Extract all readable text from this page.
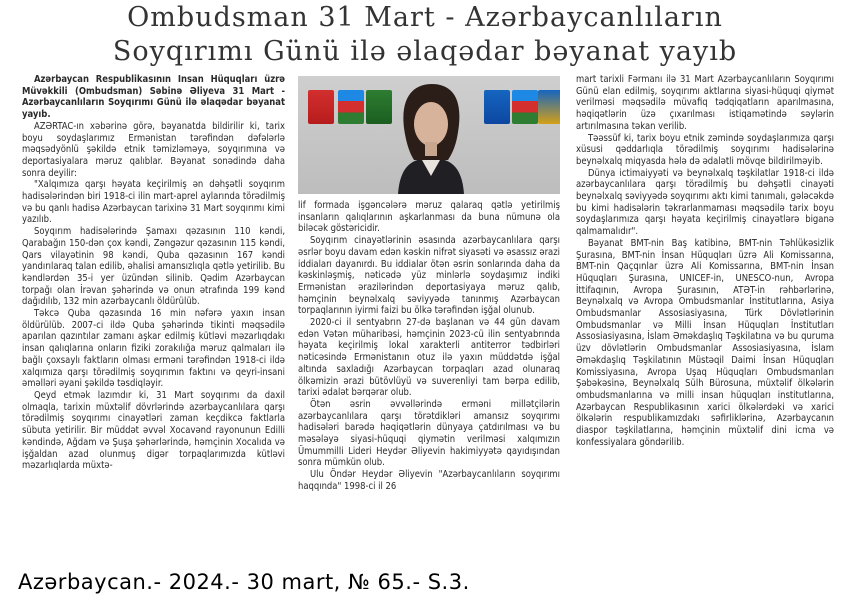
Ombudsman 31 Mart - Azərbaycanlıların
Soyqırımı Günü ilə əlaqədar bəyanat yayıb

Azərbaycan Respublikasının İnsan Hüquqları üzrə Müvəkkili (Ombudsman) Səbinə Əliyeva 31 Mart - Azərbaycanlıların Soyqırımı Günü ilə əlaqədar bəyanat yayıb.

AZƏRTAC-ın xəbərinə görə, bəyanatda bildirilir ki, tarix boyu soydaşlarımız Ermənistan tərəfindən dəfələrlə məqsədyönlü şəkildə etnik təmizləməyə, soyqırımına və deportasiyalara məruz qalıblar. Bəyanat sonədində daha sonra deyilir:

"Xalqımıza qarşı həyata keçirilmiş ən dəhşətli soyqırım hadisələrindən biri 1918-ci ilin mart-aprel aylarında törədilmiş və bu qanlı hadisə Azərbaycan tarixinə 31 Mart soyqırımı kimi yazılıb.

Soyqırım hadisələrində Şamaxı qəzasının 110 kəndi, Qarabağın 150-dən çox kəndi, Zəngəzur qəzasının 115 kəndi, Qars vilayətinin 98 kəndi, Quba qəzasının 167 kəndi yandırılaraq talan edilib, əhalisi amansızlıqla qətlə yetirilib. Bu kəndlərdən 35-i yer üzündən silinib. Qədim Azərbaycan torpağı olan İrəvan şəhərində və onun ətrafında 199 kənd dağıdılıb, 132 min azərbaycanlı öldürülüb.

Təkcə Quba qəzasında 16 min nəfərə yaxın insan öldürülüb. 2007-ci ildə Quba şəhərində tikinti məqsədilə aparılan qazıntılar zamanı aşkar edilmiş kütləvi məzarlıqdakı insan qalıqlarına onların fiziki zorakılığa məruz qalmaları ilə bağlı çoxsaylı faktların olması erməni tərəfindən 1918-ci ildə xalqımıza qarşı törədilmiş soyqırımın faktını və qeyri-insani əməlləri əyani şəkildə təsdiqləyir.

Qeyd etmək lazımdır ki, 31 Mart soyqırımı da daxil olmaqla, tarixin müxtəlif dövrlərində azərbaycanlılara qarşı törədilmiş soyqırımı cinayətləri zaman keçdikcə faktlarla sübuta yetirilir. Bir müddət əvvəl Xocavənd rayonunun Edilli kəndində, Ağdam və Şuşa şəhərlərində, həmçinin Xocalıda və işğaldan azad olunmuş digər torpaqlarımızda kütləvi məzarlıqlarda müxtə-

lif formada işgəncələrə məruz qalaraq qətlə yetirilmiş insanların qalıqlarının aşkarlanması da buna nümunə ola biləcək göstəricidir.

Soyqırım cinayətlərinin əsasında azərbaycanlılara qarşı əsrlər boyu davam edən kəskin nifrət siyasəti və əsassız ərazi iddiaları dayanırdı. Bu iddialar ötən əsrin sonlarında daha da kəskinləşmiş, nəticədə yüz minlərlə soydaşımız indiki Ermənistan ərazilərindən deportasiyaya məruz qalıb, həmçinin beynəlxalq səviyyədə tanınmış Azərbaycan torpaqlarının iyirmi faizi bu ölkə tərəfindən işğal olunub.

2020-ci il sentyabrın 27-də başlanan və 44 gün davam edən Vətən müharibəsi, həmçinin 2023-cü ilin sentyabrında həyata keçirilmiş lokal xarakterli antiterror tədbirləri nəticəsində Ermənistanın otuz ilə yaxın müddətdə işğal altında saxladığı Azərbaycan torpaqları azad olunaraq ölkəmizin ərazi bütövlüyü və suverenliyi tam bərpa edilib, tarixi ədalət bərqərar olub.

Ötən əsrin əvvəllərində erməni millətçilərin azərbaycanlılara qarşı törətdikləri amansız soyqırımı hadisələri barədə həqiqətlərin dünyaya çatdırılması və bu məsələyə siyasi-hüquqi qiymətin verilməsi xalqımızın Ümummilli Lideri Heydər Əliyevin hakimiyyətə qayıdışından sonra mümkün olub.

Ulu Öndər Heydər Əliyevin "Azərbaycanlıların soyqırımı haqqında" 1998-ci il 26

mart tarixli Fərmanı ilə 31 Mart Azərbaycanlıların Soyqırımı Günü elan edilmiş, soyqırımı aktlarına siyasi-hüquqi qiymət verilməsi məqsədilə müvafiq tədqiqatların aparılmasına, həqiqətlərin üzə çıxarılması istiqamətində səylərin artırılmasına təkan verilib.

Təəssüf ki, tarix boyu etnik zəmində soydaşlarımıza qarşı xüsusi qəddarlıqla törədilmiş soyqırımı hadisələrinə beynəlxalq miqyasda hələ də ədalətli mövqe bildirilməyib.

Dünya ictimaiyyəti və beynəlxalq təşkilatlar 1918-ci ildə azərbaycanlılara qarşı törədilmiş bu dəhşətli cinayəti beynəlxalq səviyyədə soyqırımı aktı kimi tanımalı, gələcəkdə bu kimi hadisələrin təkrarlanmaması məqsədilə tarix boyu soydaşlarımıza qarşı həyata keçirilmiş cinayətlərə biganə qalmamalıdır".

Bəyanat BMT-nin Baş katibinə, BMT-nin Təhlükəsizlik Şurasına, BMT-nin İnsan Hüquqları üzrə Ali Komissarına, BMT-nin Qaçqınlar üzrə Ali Komissarına, BMT-nin İnsan Hüquqları Şurasına, UNICEF-in, UNESCO-nun, Avropa İttifaqının, Avropa Şurasının, ATƏT-in rəhbərlərinə, Beynəlxalq və Avropa Ombudsmanlar İnstitutlarına, Asiya Ombudsmanlar Assosiasiyasına, Türk Dövlətlərinin Ombudsmanlar və Milli İnsan Hüquqları İnstitutları Assosiasiyasına, İslam Əməkdaşlıq Təşkilatına və bu quruma üzv dövlətlərin Ombudsmanlar Assosiasiyasına, İslam Əməkdaşlıq Təşkilatının Müstəqil Daimi İnsan Hüquqları Komissiyasına, Avropa Uşaq Hüquqları Ombudsmanları Şəbəkəsinə, Beynəlxalq Sülh Bürosuna, müxtəlif ölkələrin ombudsmanlarına və milli insan hüquqları institutlarına, Azərbaycan Respublikasının xarici ölkələrdəki və xarici ölkələrin respublikamızdakı səfirliklərinə, Azərbaycanın diaspor təşkilatlarına, həmçinin müxtəlif dini icma və konfessiyalara göndərilib.

Azərbaycan.- 2024.- 30 mart, № 65.- S.3.
